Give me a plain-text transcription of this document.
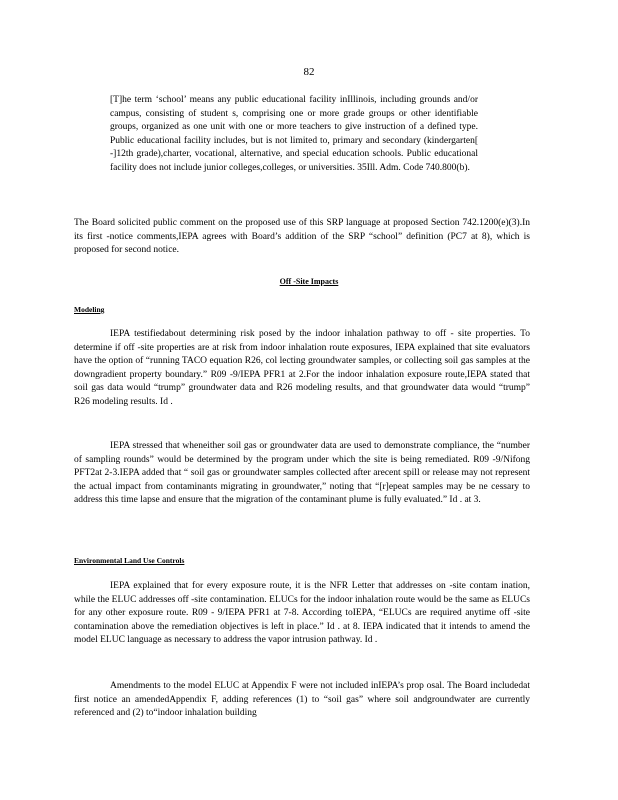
82

[T]he term ‘school’ means any public educational facility inIllinois, including grounds and/or campus, consisting of student s, comprising one or more grade groups or other identifiable groups, organized as one unit with one or more teachers to give instruction of a defined type. Public educational facility includes, but is not limited to, primary and secondary (kindergarten[ -]12th grade),charter, vocational, alternative, and special education schools. Public educational facility does not include junior colleges,colleges, or universities. 35Ill. Adm. Code 740.800(b).

The Board solicited public comment on the proposed use of this SRP language at proposed Section 742.1200(e)(3).In its first -notice comments,IEPA agrees with Board’s addition of the SRP “school” definition (PC7 at 8), which is proposed for second notice.

Off -Site Impacts
Modeling

IEPA testifiedabout determining risk posed by the indoor inhalation pathway to off - site properties. To determine if off -site properties are at risk from indoor inhalation route exposures, IEPA explained that site evaluators have the option of “running TACO equation R26, col lecting groundwater samples, or collecting soil gas samples at the downgradient property boundary.” R09 -9/IEPA PFR1 at 2.For the indoor inhalation exposure route,IEPA stated that soil gas data would “trump” groundwater data and R26 modeling results, and that groundwater data would “trump” R26 modeling results. Id .

IEPA stressed that wheneither soil gas or groundwater data are used to demonstrate compliance, the “number of sampling rounds” would be determined by the program under which the site is being remediated. R09 -9/Nifong PFT2at 2-3.IEPA added that “ soil gas or groundwater samples collected after arecent spill or release may not represent the actual impact from contaminants migrating in groundwater,” noting that “[r]epeat samples may be ne cessary to address this time lapse and ensure that the migration of the contaminant plume is fully evaluated.” Id . at 3.

Environmental Land Use Controls

IEPA explained that for every exposure route, it is the NFR Letter that addresses on -site contam ination, while the ELUC addresses off -site contamination. ELUCs for the indoor inhalation route would be the same as ELUCs for any other exposure route. R09 - 9/IEPA PFR1 at 7-8. According toIEPA, “ELUCs are required anytime off -site contamination above the remediation objectives is left in place.” Id . at 8. IEPA indicated that it intends to amend the model ELUC language as necessary to address the vapor intrusion pathway. Id .

Amendments to the model ELUC at Appendix F were not included inIEPA’s prop osal. The Board includedat first notice an amendedAppendix F, adding references (1) to “soil gas” where soil andgroundwater are currently referenced and (2) to“indoor inhalation building
